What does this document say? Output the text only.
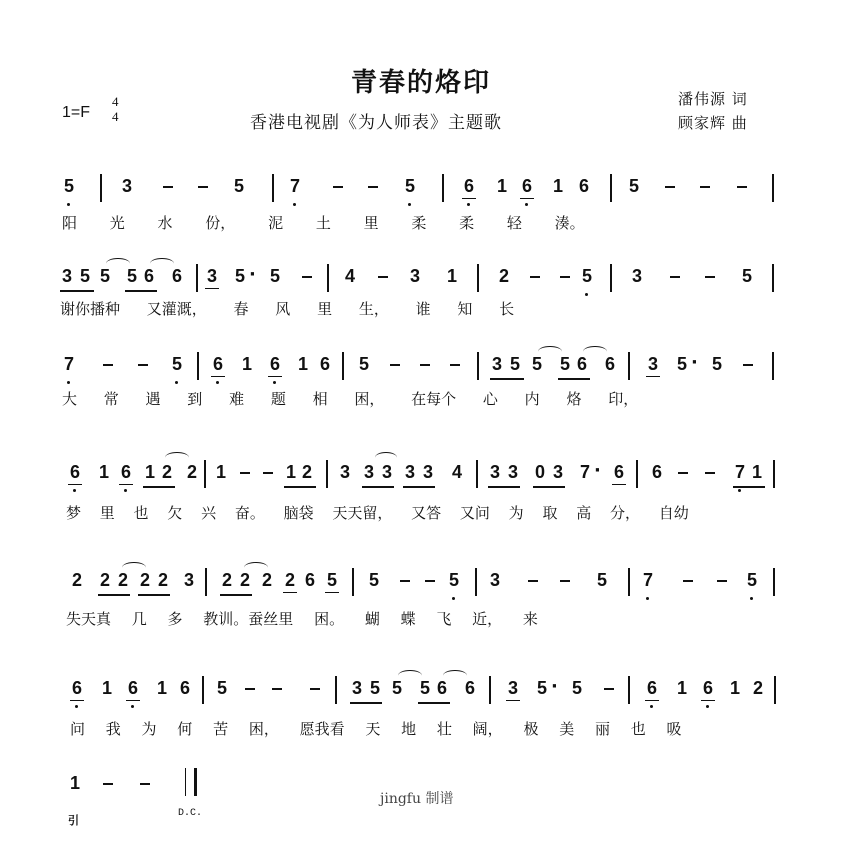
青春的烙印
1=F
4
4	香港电视剧《为人师表》主题歌
潘伟源 词
顾家辉 曲
5	3	5	7	5	6 1 6 1 6 5
阳 光 水 份， 泥 土 里 柔 柔 轻 湊。
3 5 5 5 6 6 3 5 · 5	4	3 1 2	5 3	5
谢你播种 又灌溉， 春 风 里 生， 谁 知 长
7	5 6 1 6 1 6 5	3 5 5 5 6 6 3 5 · 5
大 常 遇 到 难 题 相 困， 在每个 心 内 烙 印，
6 1 6 1 2 2 1	1 2 3 3 3 3 3 4 3 3 0 3 7 · 6 6	7 1
梦 里 也 欠 兴 奋。 脑袋 天天留， 又答 又问 为 取 高 分， 自幼
2 2 2 2 2 3 2 2 2 2 6 5 5	5 3	5 7	5
失天真 几 多 教训。蚕丝里 困。 蝴 蝶 飞 近， 来
6 1 6 1 6 5	3 5 5 5 6 6 3 5 · 5	6 1 6 1 2
问 我 为 何 苦 困， 愿我看 天 地 壮 阔， 极 美 丽 也 吸
1
引
D.C.
jingfu 制谱
